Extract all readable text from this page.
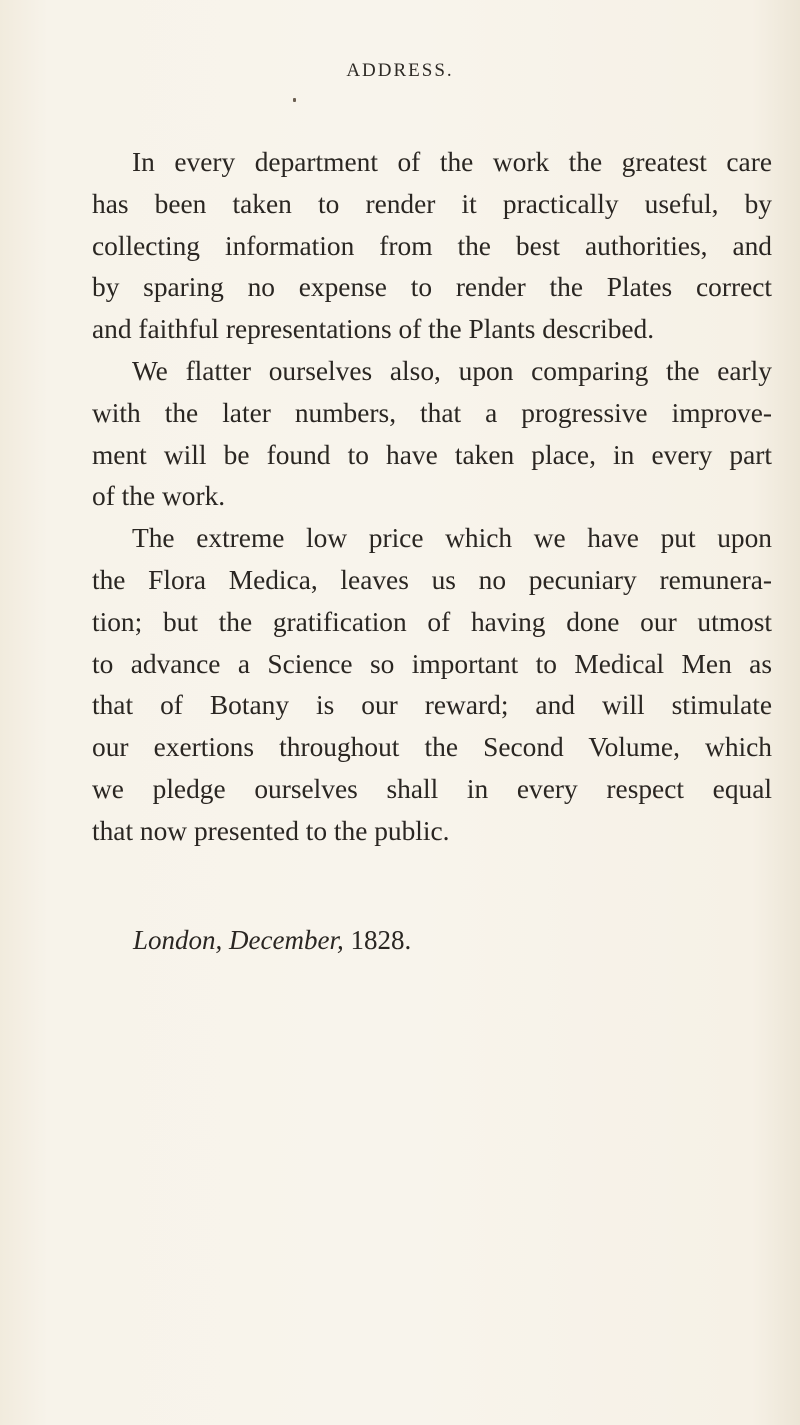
ADDRESS.
In every department of the work the greatest care
has been taken to render it practically useful, by
collecting information from the best authorities, and
by sparing no expense to render the Plates correct
and faithful representations of the Plants described.
We flatter ourselves also, upon comparing the early
with the later numbers, that a progressive improve-
ment will be found to have taken place, in every part
of the work.
The extreme low price which we have put upon
the Flora Medica, leaves us no pecuniary remunera-
tion; but the gratification of having done our utmost
to advance a Science so important to Medical Men as
that of Botany is our reward; and will stimulate
our exertions throughout the Second Volume, which
we pledge ourselves shall in every respect equal
that now presented to the public.
London, December, 1828.
